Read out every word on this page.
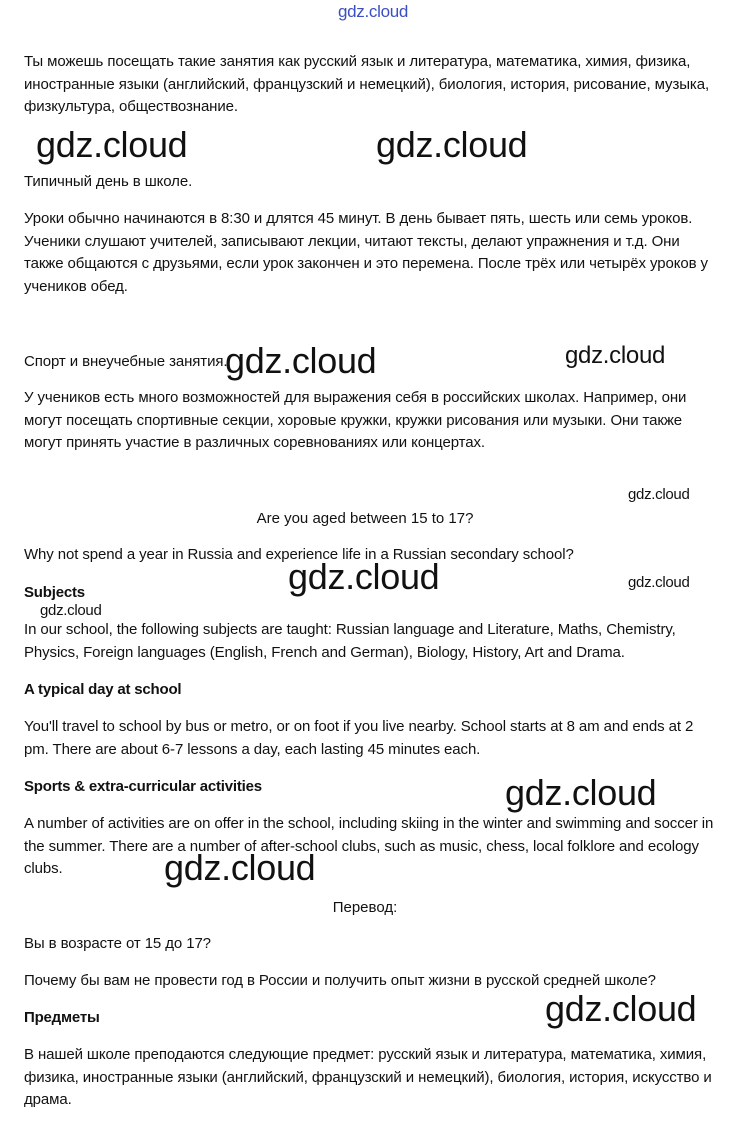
gdz.cloud
gdz.cloud	gdz.cloud
gdz.cloud	gdz.cloud
gdz.cloud
gdz.cloud	gdz.cloud
gdz.cloud
gdz.cloud
gdz.cloud
gdz.cloud

Ты можешь посещать такие занятия как русский язык и литература, математика, химия, физика, иностранные языки (английский, французский и немецкий), биология, история, рисование, музыка, физкультура, обществознание.

Типичный день в школе.

Уроки обычно начинаются в 8:30 и длятся 45 минут. В день бывает пять, шесть или семь уроков. Ученики слушают учителей, записывают лекции, читают тексты, делают упражнения и т.д. Они также общаются с друзьями, если урок закончен и это перемена. После трёх или четырёх уроков у учеников обед.

Спорт и внеучебные занятия.

У учеников есть много возможностей для выражения себя в российских школах. Например, они могут посещать спортивные секции, хоровые кружки, кружки рисования или музыки. Они также могут принять участие в различных соревнованиях или концертах.

Are you aged between 15 to 17?

Why not spend a year in Russia and experience life in a Russian secondary school?

Subjects

In our school, the following subjects are taught: Russian language and Literature, Maths, Chemistry, Physics, Foreign languages (English, French and German), Biology, History, Art and Drama.

A typical day at school

You'll travel to school by bus or metro, or on foot if you live nearby. School starts at 8 am and ends at 2 pm. There are about 6-7 lessons a day, each lasting 45 minutes each.

Sports & extra-curricular activities

A number of activities are on offer in the school, including skiing in the winter and swimming and soccer in the summer. There are a number of after-school clubs, such as music, chess, local folklore and ecology clubs.

Перевод:

Вы в возрасте от 15 до 17?

Почему бы вам не провести год в России и получить опыт жизни в русской средней школе?

Предметы

В нашей школе преподаются следующие предмет: русский язык и литература, математика, химия, физика, иностранные языки (английский, французский и немецкий), биология, история, искусство и драма.
